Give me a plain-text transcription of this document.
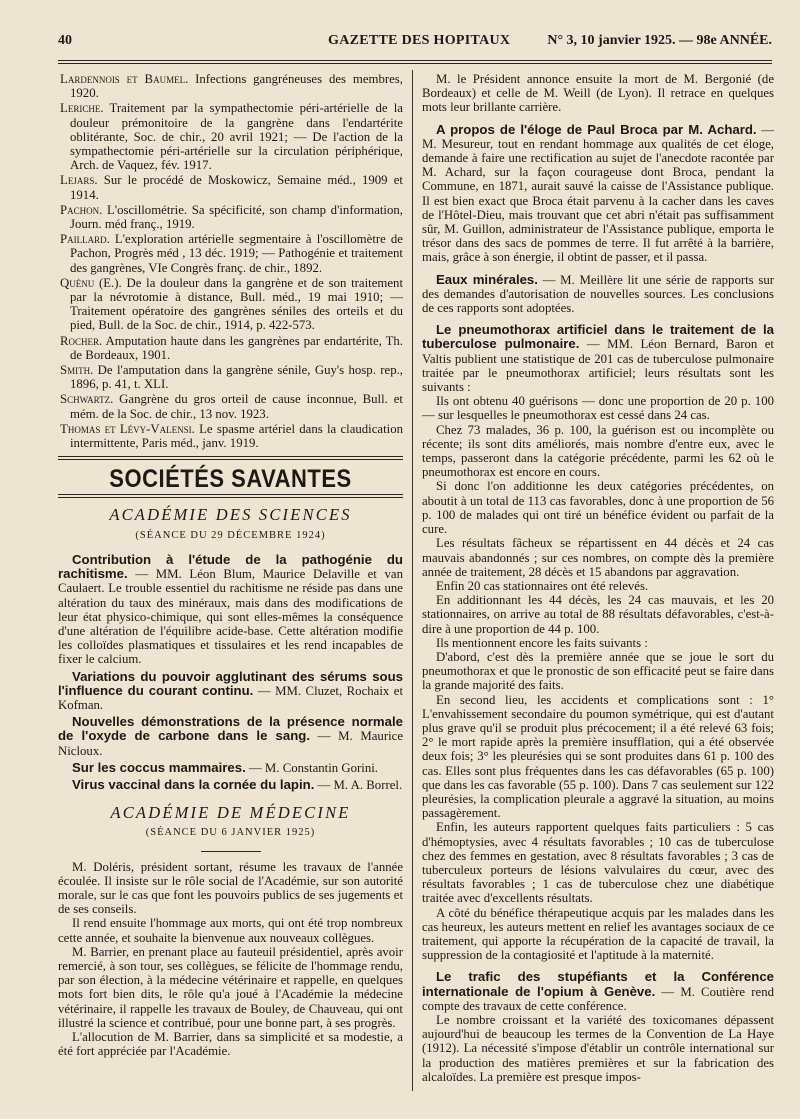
40	GAZETTE DES HOPITAUX	N° 3, 10 janvier 1925. — 98e ANNÉE.

Lardennois et Baumel. Infections gangréneuses des membres, 1920.

Leriche. Traitement par la sympathectomie péri-artérielle de la douleur prémonitoire de la gangrène dans l'endartérite oblitérante, Soc. de chir., 20 avril 1921; — De l'action de la sympathectomie péri-artérielle sur la circulation périphérique, Arch. de Vaquez, fév. 1917.

Lejars. Sur le procédé de Moskowicz, Semaine méd., 1909 et 1914.

Pachon. L'oscillométrie. Sa spécificité, son champ d'information, Journ. méd franç., 1919.

Paillard. L'exploration artérielle segmentaire à l'oscillomètre de Pachon, Progrès méd , 13 déc. 1919; — Pathogénie et traitement des gangrènes, VIe Congrès franç. de chir., 1892.

Quénu (E.). De la douleur dans la gangrène et de son traitement par la névrotomie à distance, Bull. méd., 19 mai 1910; — Traitement opératoire des gangrènes séniles des orteils et du pied, Bull. de la Soc. de chir., 1914, p. 422-573.

Rocher. Amputation haute dans les gangrènes par endartérite, Th. de Bordeaux, 1901.

Smith. De l'amputation dans la gangrène sénile, Guy's hosp. rep., 1896, p. 41, t. XLI.

Schwartz. Gangrène du gros orteil de cause inconnue, Bull. et mém. de la Soc. de chir., 13 nov. 1923.

Thomas et Lévy-Valensi. Le spasme artériel dans la claudication intermittente, Paris méd., janv. 1919.

SOCIÉTÉS SAVANTES
ACADÉMIE DES SCIENCES
(SÉANCE DU 29 DÉCEMBRE 1924)

Contribution à l'étude de la pathogénie du rachitisme. — MM. Léon Blum, Maurice Delaville et van Caulaert. Le trouble essentiel du rachitisme ne réside pas dans une altération du taux des minéraux, mais dans des modifications de leur état physico-chimique, qui sont elles-mêmes la conséquence d'une altération de l'équilibre acide-base. Cette altération modifie les colloïdes plasmatiques et tissulaires et les rend incapables de fixer le calcium.

Variations du pouvoir agglutinant des sérums sous l'influence du courant continu. — MM. Cluzet, Rochaix et Kofman.

Nouvelles démonstrations de la présence normale de l'oxyde de carbone dans le sang. — M. Maurice Nicloux.

Sur les coccus mammaires. — M. Constantin Gorini.

Virus vaccinal dans la cornée du lapin. — M. A. Borrel.

ACADÉMIE DE MÉDECINE
(SÉANCE DU 6 JANVIER 1925)

M. Doléris, président sortant, résume les travaux de l'année écoulée. Il insiste sur le rôle social de l'Académie, sur son autorité morale, sur le cas que font les pouvoirs publics de ses jugements et de ses conseils.

Il rend ensuite l'hommage aux morts, qui ont été trop nombreux cette année, et souhaite la bienvenue aux nouveaux collègues.

M. Barrier, en prenant place au fauteuil présidentiel, après avoir remercié, à son tour, ses collègues, se félicite de l'hommage rendu, par son élection, à la médecine vétérinaire et rappelle, en quelques mots fort bien dits, le rôle qu'a joué à l'Académie la médecine vétérinaire, il rappelle les travaux de Bouley, de Chauveau, qui ont illustré la science et contribué, pour une bonne part, à ses progrès.

L'allocution de M. Barrier, dans sa simplicité et sa modestie, a été fort appréciée par l'Académie.

M. le Président annonce ensuite la mort de M. Bergonié (de Bordeaux) et celle de M. Weill (de Lyon). Il retrace en quelques mots leur brillante carrière.

A propos de l'éloge de Paul Broca par M. Achard. — M. Mesureur, tout en rendant hommage aux qualités de cet éloge, demande à faire une rectification au sujet de l'anecdote racontée par M. Achard, sur la façon courageuse dont Broca, pendant la Commune, en 1871, aurait sauvé la caisse de l'Assistance publique. Il est bien exact que Broca était parvenu à la cacher dans les caves de l'Hôtel-Dieu, mais trouvant que cet abri n'était pas suffisamment sûr, M. Guillon, administrateur de l'Assistance publique, emporta le trésor dans des sacs de pommes de terre. Il fut arrêté à la barrière, mais, grâce à son énergie, il obtint de passer, et il passa.

Eaux minérales. — M. Meillère lit une série de rapports sur des demandes d'autorisation de nouvelles sources. Les conclusions de ces rapports sont adoptées.

Le pneumothorax artificiel dans le traitement de la tuberculose pulmonaire. — MM. Léon Bernard, Baron et Valtis publient une statistique de 201 cas de tuberculose pulmonaire traitée par le pneumothorax artificiel; leurs résultats sont les suivants :

Ils ont obtenu 40 guérisons — donc une proportion de 20 p. 100 — sur lesquelles le pneumothorax est cessé dans 24 cas.

Chez 73 malades, 36 p. 100, la guérison est ou incomplète ou récente; ils sont dits améliorés, mais nombre d'entre eux, avec le temps, passeront dans la catégorie précédente, parmi les 62 où le pneumothorax est encore en cours.

Si donc l'on additionne les deux catégories précédentes, on aboutit à un total de 113 cas favorables, donc à une proportion de 56 p. 100 de malades qui ont tiré un bénéfice évident ou parfait de la cure.

Les résultats fâcheux se répartissent en 44 décès et 24 cas mauvais abandonnés ; sur ces nombres, on compte dès la première année de traitement, 28 décès et 15 abandons par aggravation.

Enfin 20 cas stationnaires ont été relevés.

En additionnant les 44 décès, les 24 cas mauvais, et les 20 stationnaires, on arrive au total de 88 résultats défavorables, c'est-à-dire à une proportion de 44 p. 100.

Ils mentionnent encore les faits suivants :

D'abord, c'est dès la première année que se joue le sort du pneumothorax et que le pronostic de son efficacité peut se faire dans la grande majorité des faits.

En second lieu, les accidents et complications sont : 1° L'envahissement secondaire du poumon symétrique, qui est d'autant plus grave qu'il se produit plus précocement; il a été relevé 63 fois; 2° le mort rapide après la première insufflation, qui a été observée deux fois; 3° les pleurésies qui se sont produites dans 61 p. 100 des cas. Elles sont plus fréquentes dans les cas défavorables (65 p. 100) que dans les cas favorable (55 p. 100). Dans 7 cas seulement sur 122 pleurésies, la complication pleurale a aggravé la situation, au moins passagèrement.

Enfin, les auteurs rapportent quelques faits particuliers : 5 cas d'hémoptysies, avec 4 résultats favorables ; 10 cas de tuberculose chez des femmes en gestation, avec 8 résultats favorables ; 3 cas de tuberculeux porteurs de lésions valvulaires du cœur, avec des résultats favorables ; 1 cas de tuberculose chez une diabétique traitée avec d'excellents résultats.

A côté du bénéfice thérapeutique acquis par les malades dans les cas heureux, les auteurs mettent en relief les avantages sociaux de ce traitement, qui apporte la récupération de la capacité de travail, la suppression de la contagiosité et l'aptitude à la maternité.

Le trafic des stupéfiants et la Conférence internationale de l'opium à Genève. — M. Coutière rend compte des travaux de cette conférence.

Le nombre croissant et la variété des toxicomanes dépassent aujourd'hui de beaucoup les termes de la Convention de La Haye (1912). La nécessité s'impose d'établir un contrôle international sur la production des matières premières et sur la fabrication des alcaloïdes. La première est presque impos-
